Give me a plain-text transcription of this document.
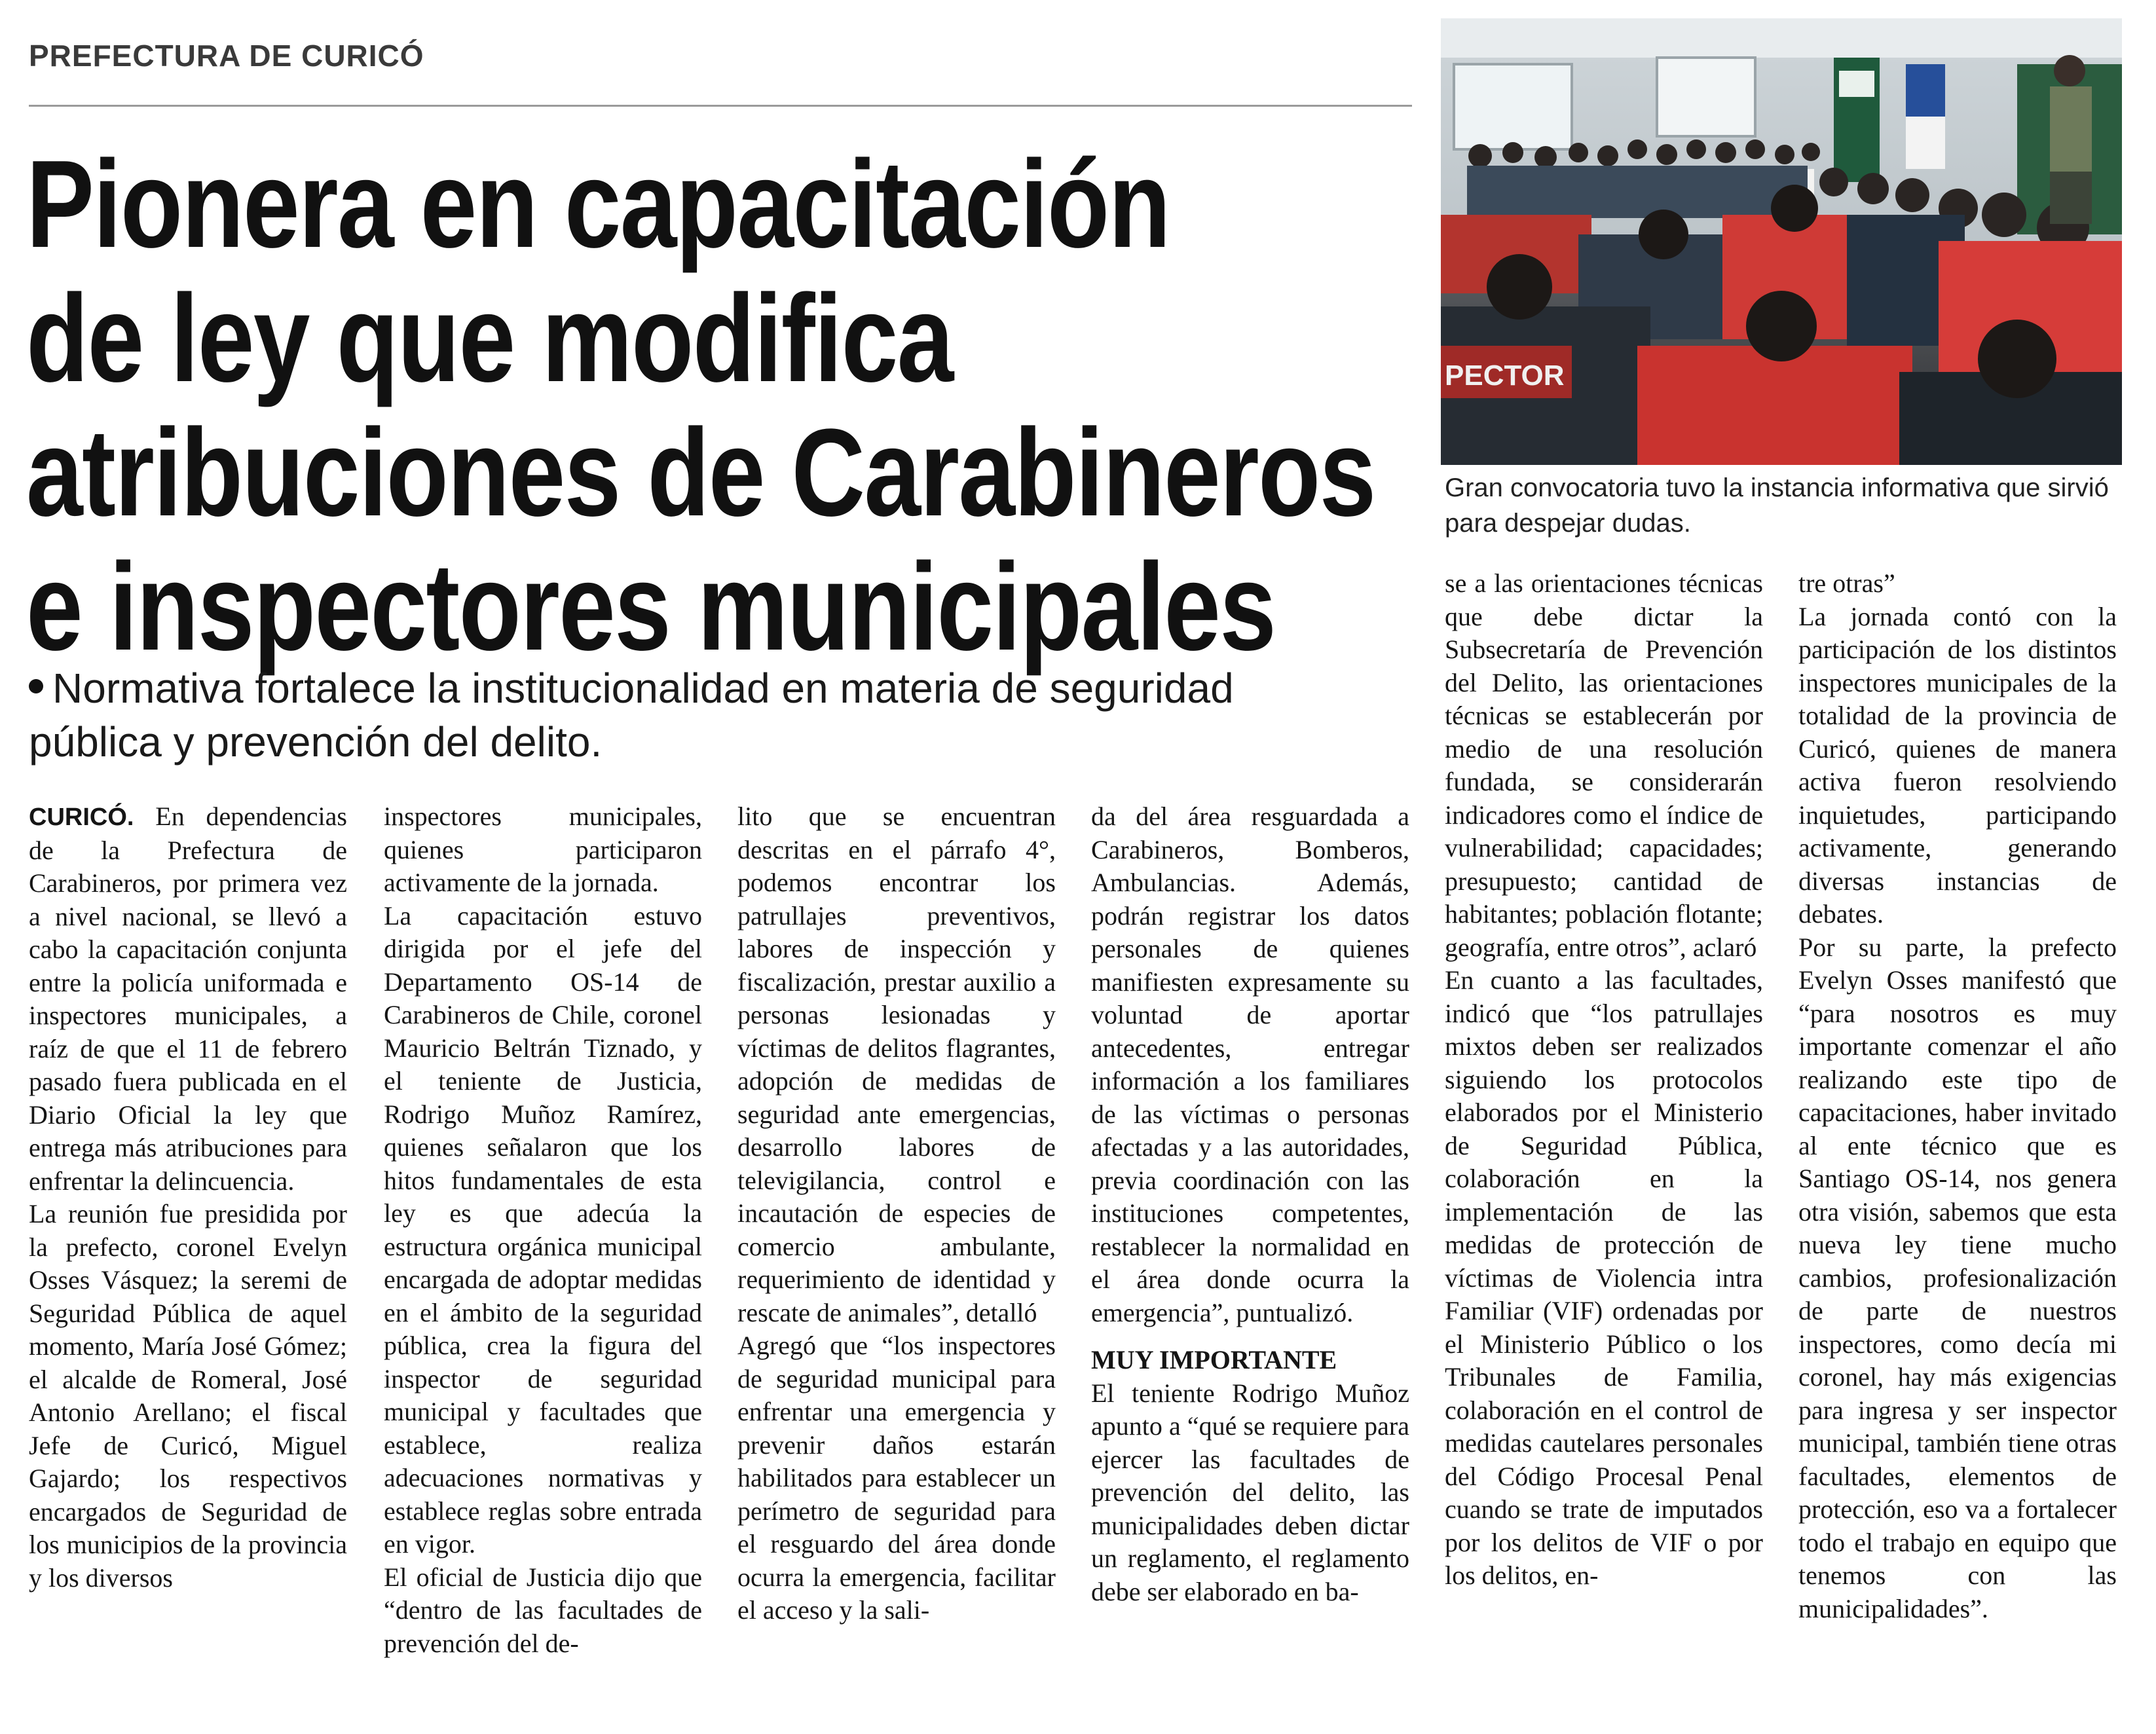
PREFECTURA DE CURICÓ
Pionera en capacitación
de ley que modifica
atribuciones de Carabineros
e inspectores municipales

Normativa fortalece la institucionalidad en materia de seguridad pública y prevención del delito.

PECTOR

Gran convocatoria tuvo la instancia informativa que sirvió para despejar dudas.

CURICÓ. En dependencias de la Prefectura de Carabineros, por primera vez a nivel nacional, se llevó a cabo la capacitación conjunta entre la policía uniformada e inspectores municipales, a raíz de que el 11 de febrero pasado fuera publicada en el Diario Oficial la ley que entrega más atribuciones para enfrentar la delincuencia.

La reunión fue presidida por la prefecto, coronel Evelyn Osses Vásquez; la seremi de Seguridad Pública de aquel momento, María José Gómez; el alcalde de Romeral, José Antonio Arellano; el fiscal Jefe de Curicó, Miguel Gajardo; los respectivos encargados de Seguridad de los municipios de la provincia y los diversos

inspectores municipales, quienes participaron activamente de la jornada.

La capacitación estuvo dirigida por el jefe del Departamento OS-14 de Carabineros de Chile, coronel Mauricio Beltrán Tiznado, y el teniente de Justicia, Rodrigo Muñoz Ramírez, quienes señalaron que los hitos fundamentales de esta ley es que adecúa la estructura orgánica municipal encargada de adoptar medidas en el ámbito de la seguridad pública, crea la figura del inspector de seguridad municipal y facultades que establece, realiza adecuaciones normativas y establece reglas sobre entrada en vigor.

El oficial de Justicia dijo que “dentro de las facultades de prevención del de-

lito que se encuentran descritas en el párrafo 4°, podemos encontrar los patrullajes preventivos, labores de inspección y fiscalización, prestar auxilio a personas lesionadas y víctimas de delitos flagrantes, adopción de medidas de seguridad ante emergencias, desarrollo labores de televigilancia, control e incautación de especies de comercio ambulante, requerimiento de identidad y rescate de animales”, detalló

Agregó que “los inspectores de seguridad municipal para enfrentar una emergencia y prevenir daños estarán habilitados para establecer un perímetro de seguridad para el resguardo del área donde ocurra la emergencia, facilitar el acceso y la sali-

da del área resguardada a Carabineros, Bomberos, Ambulancias. Además, podrán registrar los datos personales de quienes manifiesten expresamente su voluntad de aportar antecedentes, entregar información a los familiares de las víctimas o personas afectadas y a las autoridades, previa coordinación con las instituciones competentes, restablecer la normalidad en el área donde ocurra la emergencia”, puntualizó.

MUY IMPORTANTE

El teniente Rodrigo Muñoz apunto a “qué se requiere para ejercer las facultades de prevención del delito, las municipalidades deben dictar un reglamento, el reglamento debe ser elaborado en ba-

se a las orientaciones técnicas que debe dictar la Subsecretaría de Prevención del Delito, las orientaciones técnicas se establecerán por medio de una resolución fundada, se considerarán indicadores como el índice de vulnerabilidad; capacidades; presupuesto; cantidad de habitantes; población flotante; geografía, entre otros”, aclaró

En cuanto a las facultades, indicó que “los patrullajes mixtos deben ser realizados siguiendo los protocolos elaborados por el Ministerio de Seguridad Pública, colaboración en la implementación de las medidas de protección de víctimas de Violencia intra Familiar (VIF) ordenadas por el Ministerio Público o los Tribunales de Familia, colaboración en el control de medidas cautelares personales del Código Procesal Penal cuando se trate de imputados por los delitos de VIF o por los delitos, en-

tre otras”

La jornada contó con la participación de los distintos inspectores municipales de la totalidad de la provincia de Curicó, quienes de manera activa fueron resolviendo inquietudes, participando activamente, generando diversas instancias de debates.

Por su parte, la prefecto Evelyn Osses manifestó que “para nosotros es muy importante comenzar el año realizando este tipo de capacitaciones, haber invitado al ente técnico que es Santiago OS-14, nos genera otra visión, sabemos que esta nueva ley tiene mucho cambios, profesionalización de parte de nuestros inspectores, como decía mi coronel, hay más exigencias para ingresa y ser inspector municipal, también tiene otras facultades, elementos de protección, eso va a fortalecer todo el trabajo en equipo que tenemos con las municipalidades”.
